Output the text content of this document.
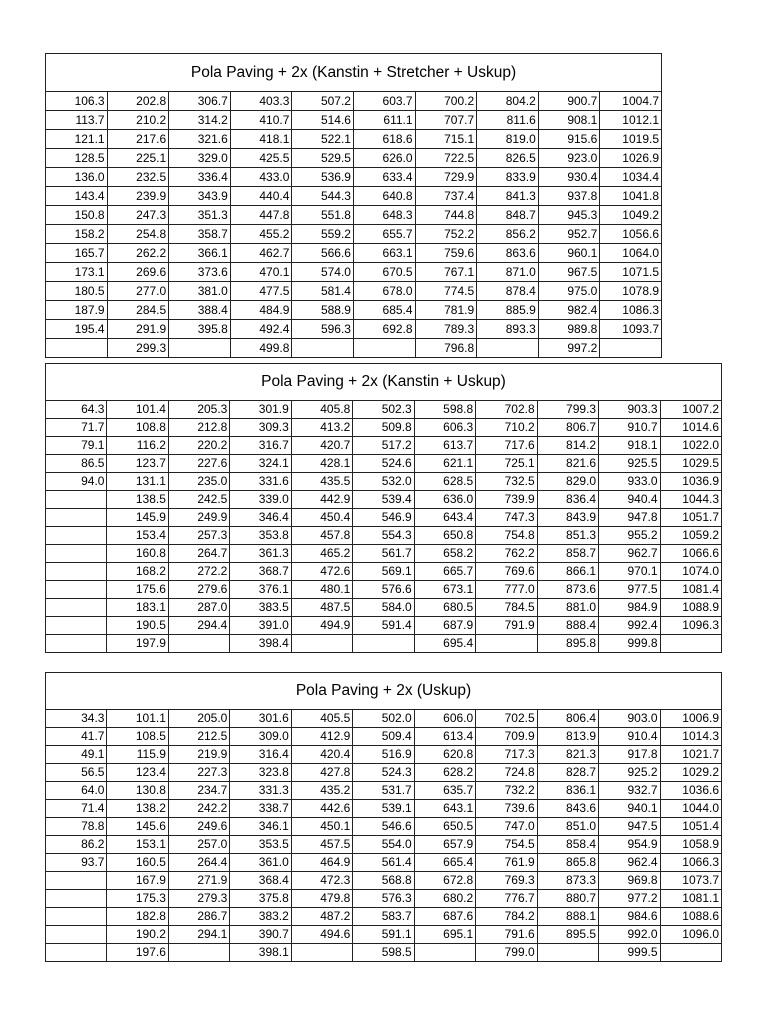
Pola Paving + 2x (Kanstin + Stretcher + Uskup)									
106.3	202.8	306.7	403.3	507.2	603.7	700.2	804.2	900.7	1004.7
113.7	210.2	314.2	410.7	514.6	611.1	707.7	811.6	908.1	1012.1
121.1	217.6	321.6	418.1	522.1	618.6	715.1	819.0	915.6	1019.5
128.5	225.1	329.0	425.5	529.5	626.0	722.5	826.5	923.0	1026.9
136.0	232.5	336.4	433.0	536.9	633.4	729.9	833.9	930.4	1034.4
143.4	239.9	343.9	440.4	544.3	640.8	737.4	841.3	937.8	1041.8
150.8	247.3	351.3	447.8	551.8	648.3	744.8	848.7	945.3	1049.2
158.2	254.8	358.7	455.2	559.2	655.7	752.2	856.2	952.7	1056.6
165.7	262.2	366.1	462.7	566.6	663.1	759.6	863.6	960.1	1064.0
173.1	269.6	373.6	470.1	574.0	670.5	767.1	871.0	967.5	1071.5
180.5	277.0	381.0	477.5	581.4	678.0	774.5	878.4	975.0	1078.9
187.9	284.5	388.4	484.9	588.9	685.4	781.9	885.9	982.4	1086.3
195.4	291.9	395.8	492.4	596.3	692.8	789.3	893.3	989.8	1093.7
	299.3		499.8			796.8		997.2	
Pola Paving + 2x (Kanstin + Uskup)										
64.3	101.4	205.3	301.9	405.8	502.3	598.8	702.8	799.3	903.3	1007.2
71.7	108.8	212.8	309.3	413.2	509.8	606.3	710.2	806.7	910.7	1014.6
79.1	116.2	220.2	316.7	420.7	517.2	613.7	717.6	814.2	918.1	1022.0
86.5	123.7	227.6	324.1	428.1	524.6	621.1	725.1	821.6	925.5	1029.5
94.0	131.1	235.0	331.6	435.5	532.0	628.5	732.5	829.0	933.0	1036.9
	138.5	242.5	339.0	442.9	539.4	636.0	739.9	836.4	940.4	1044.3
	145.9	249.9	346.4	450.4	546.9	643.4	747.3	843.9	947.8	1051.7
	153.4	257.3	353.8	457.8	554.3	650.8	754.8	851.3	955.2	1059.2
	160.8	264.7	361.3	465.2	561.7	658.2	762.2	858.7	962.7	1066.6
	168.2	272.2	368.7	472.6	569.1	665.7	769.6	866.1	970.1	1074.0
	175.6	279.6	376.1	480.1	576.6	673.1	777.0	873.6	977.5	1081.4
	183.1	287.0	383.5	487.5	584.0	680.5	784.5	881.0	984.9	1088.9
	190.5	294.4	391.0	494.9	591.4	687.9	791.9	888.4	992.4	1096.3
	197.9		398.4			695.4		895.8	999.8	
Pola Paving + 2x (Uskup)										
34.3	101.1	205.0	301.6	405.5	502.0	606.0	702.5	806.4	903.0	1006.9
41.7	108.5	212.5	309.0	412.9	509.4	613.4	709.9	813.9	910.4	1014.3
49.1	115.9	219.9	316.4	420.4	516.9	620.8	717.3	821.3	917.8	1021.7
56.5	123.4	227.3	323.8	427.8	524.3	628.2	724.8	828.7	925.2	1029.2
64.0	130.8	234.7	331.3	435.2	531.7	635.7	732.2	836.1	932.7	1036.6
71.4	138.2	242.2	338.7	442.6	539.1	643.1	739.6	843.6	940.1	1044.0
78.8	145.6	249.6	346.1	450.1	546.6	650.5	747.0	851.0	947.5	1051.4
86.2	153.1	257.0	353.5	457.5	554.0	657.9	754.5	858.4	954.9	1058.9
93.7	160.5	264.4	361.0	464.9	561.4	665.4	761.9	865.8	962.4	1066.3
	167.9	271.9	368.4	472.3	568.8	672.8	769.3	873.3	969.8	1073.7
	175.3	279.3	375.8	479.8	576.3	680.2	776.7	880.7	977.2	1081.1
	182.8	286.7	383.2	487.2	583.7	687.6	784.2	888.1	984.6	1088.6
	190.2	294.1	390.7	494.6	591.1	695.1	791.6	895.5	992.0	1096.0
	197.6		398.1		598.5		799.0		999.5	
